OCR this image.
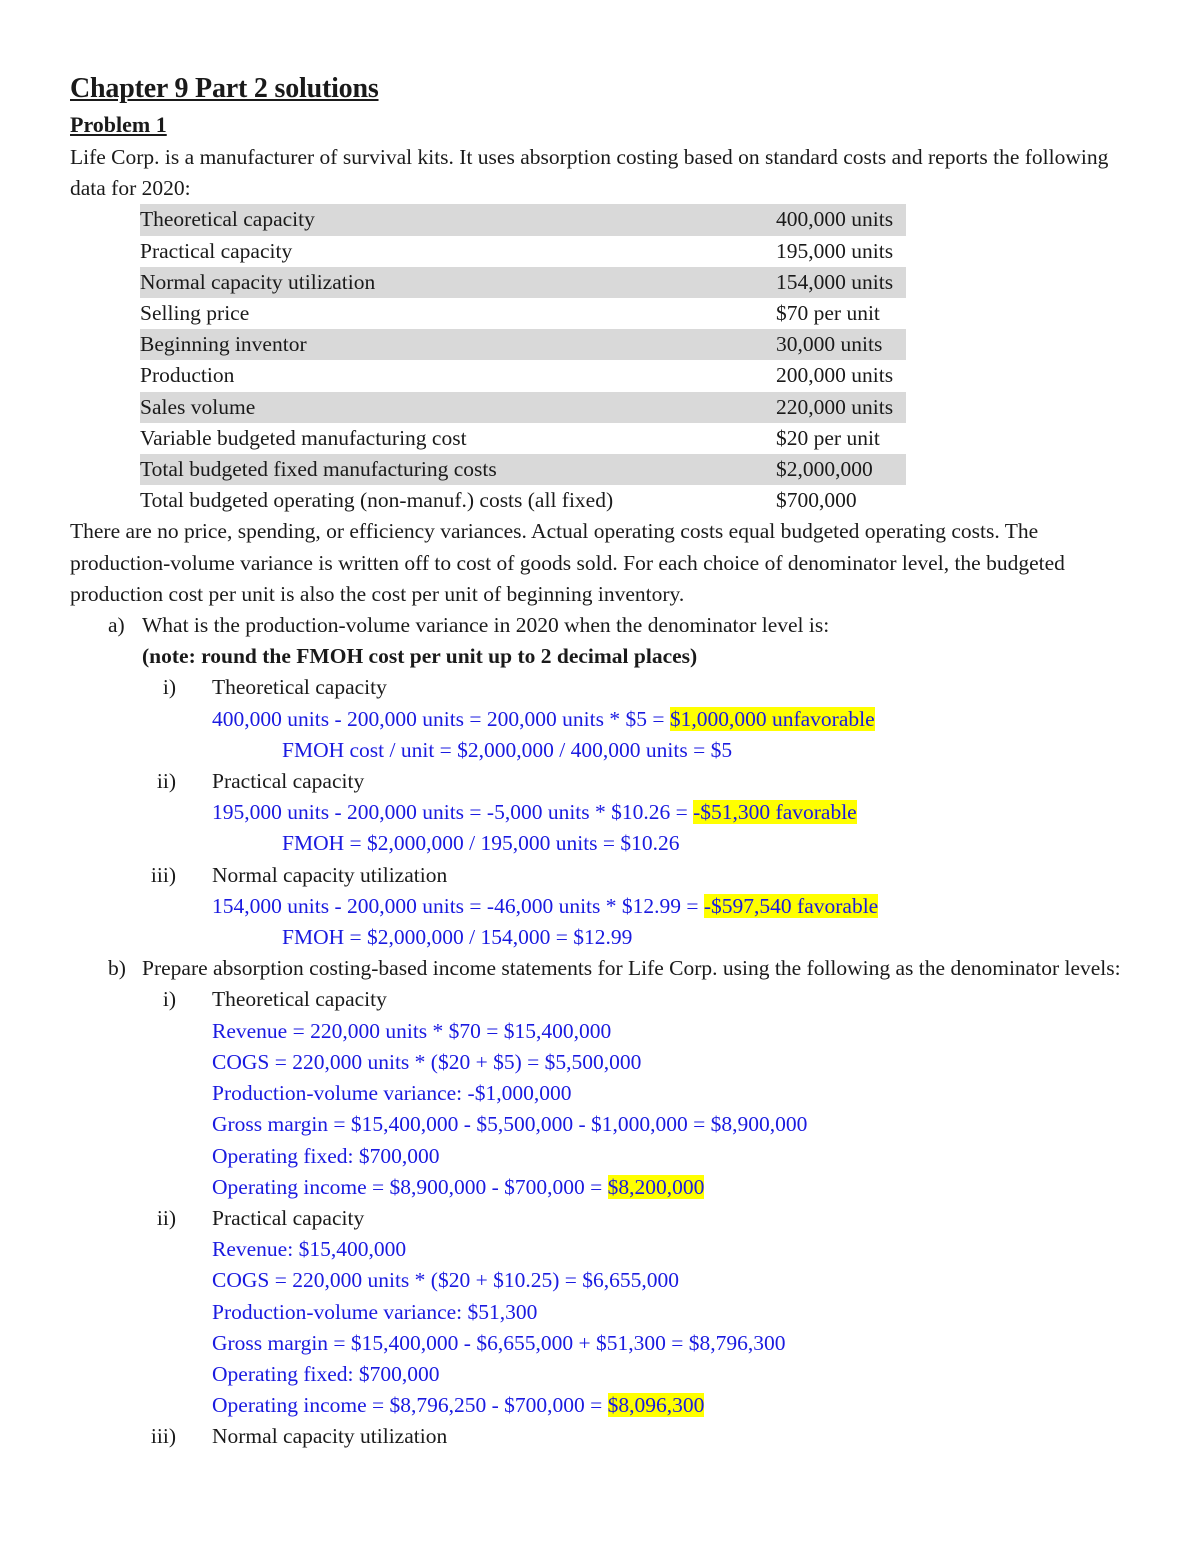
Chapter 9 Part 2 solutions
Problem 1
Life Corp. is a manufacturer of survival kits. It uses absorption costing based on standard costs and reports the following data for 2020:
Theoretical capacity	400,000 units
Practical capacity	195,000 units
Normal capacity utilization	154,000 units
Selling price	$70 per unit
Beginning inventor	30,000 units
Production	200,000 units
Sales volume	220,000 units
Variable budgeted manufacturing cost	$20 per unit
Total budgeted fixed manufacturing costs	$2,000,000
Total budgeted operating (non-manuf.) costs (all fixed)	$700,000
There are no price, spending, or efficiency variances. Actual operating costs equal budgeted operating costs. The production-volume variance is written off to cost of goods sold. For each choice of denominator level, the budgeted production cost per unit is also the cost per unit of beginning inventory.
a) What is the production-volume variance in 2020 when the denominator level is:
(note: round the FMOH cost per unit up to 2 decimal places)
i) Theoretical capacity
400,000 units - 200,000 units = 200,000 units * $5 = $1,000,000 unfavorable
FMOH cost / unit = $2,000,000 / 400,000 units = $5
ii) Practical capacity
195,000 units - 200,000 units = -5,000 units * $10.26 = -$51,300 favorable
FMOH = $2,000,000 / 195,000 units = $10.26
iii) Normal capacity utilization
154,000 units - 200,000 units = -46,000 units * $12.99 = -$597,540 favorable
FMOH = $2,000,000 / 154,000 = $12.99
b) Prepare absorption costing-based income statements for Life Corp. using the following as the denominator levels:
i) Theoretical capacity
Revenue = 220,000 units * $70 = $15,400,000
COGS = 220,000 units * ($20 + $5) = $5,500,000
Production-volume variance: -$1,000,000
Gross margin = $15,400,000 - $5,500,000 - $1,000,000 = $8,900,000
Operating fixed: $700,000
Operating income = $8,900,000 - $700,000 = $8,200,000
ii) Practical capacity
Revenue: $15,400,000
COGS = 220,000 units * ($20 + $10.25) = $6,655,000
Production-volume variance: $51,300
Gross margin = $15,400,000 - $6,655,000 + $51,300 = $8,796,300
Operating fixed: $700,000
Operating income = $8,796,250 - $700,000 = $8,096,300
iii) Normal capacity utilization
